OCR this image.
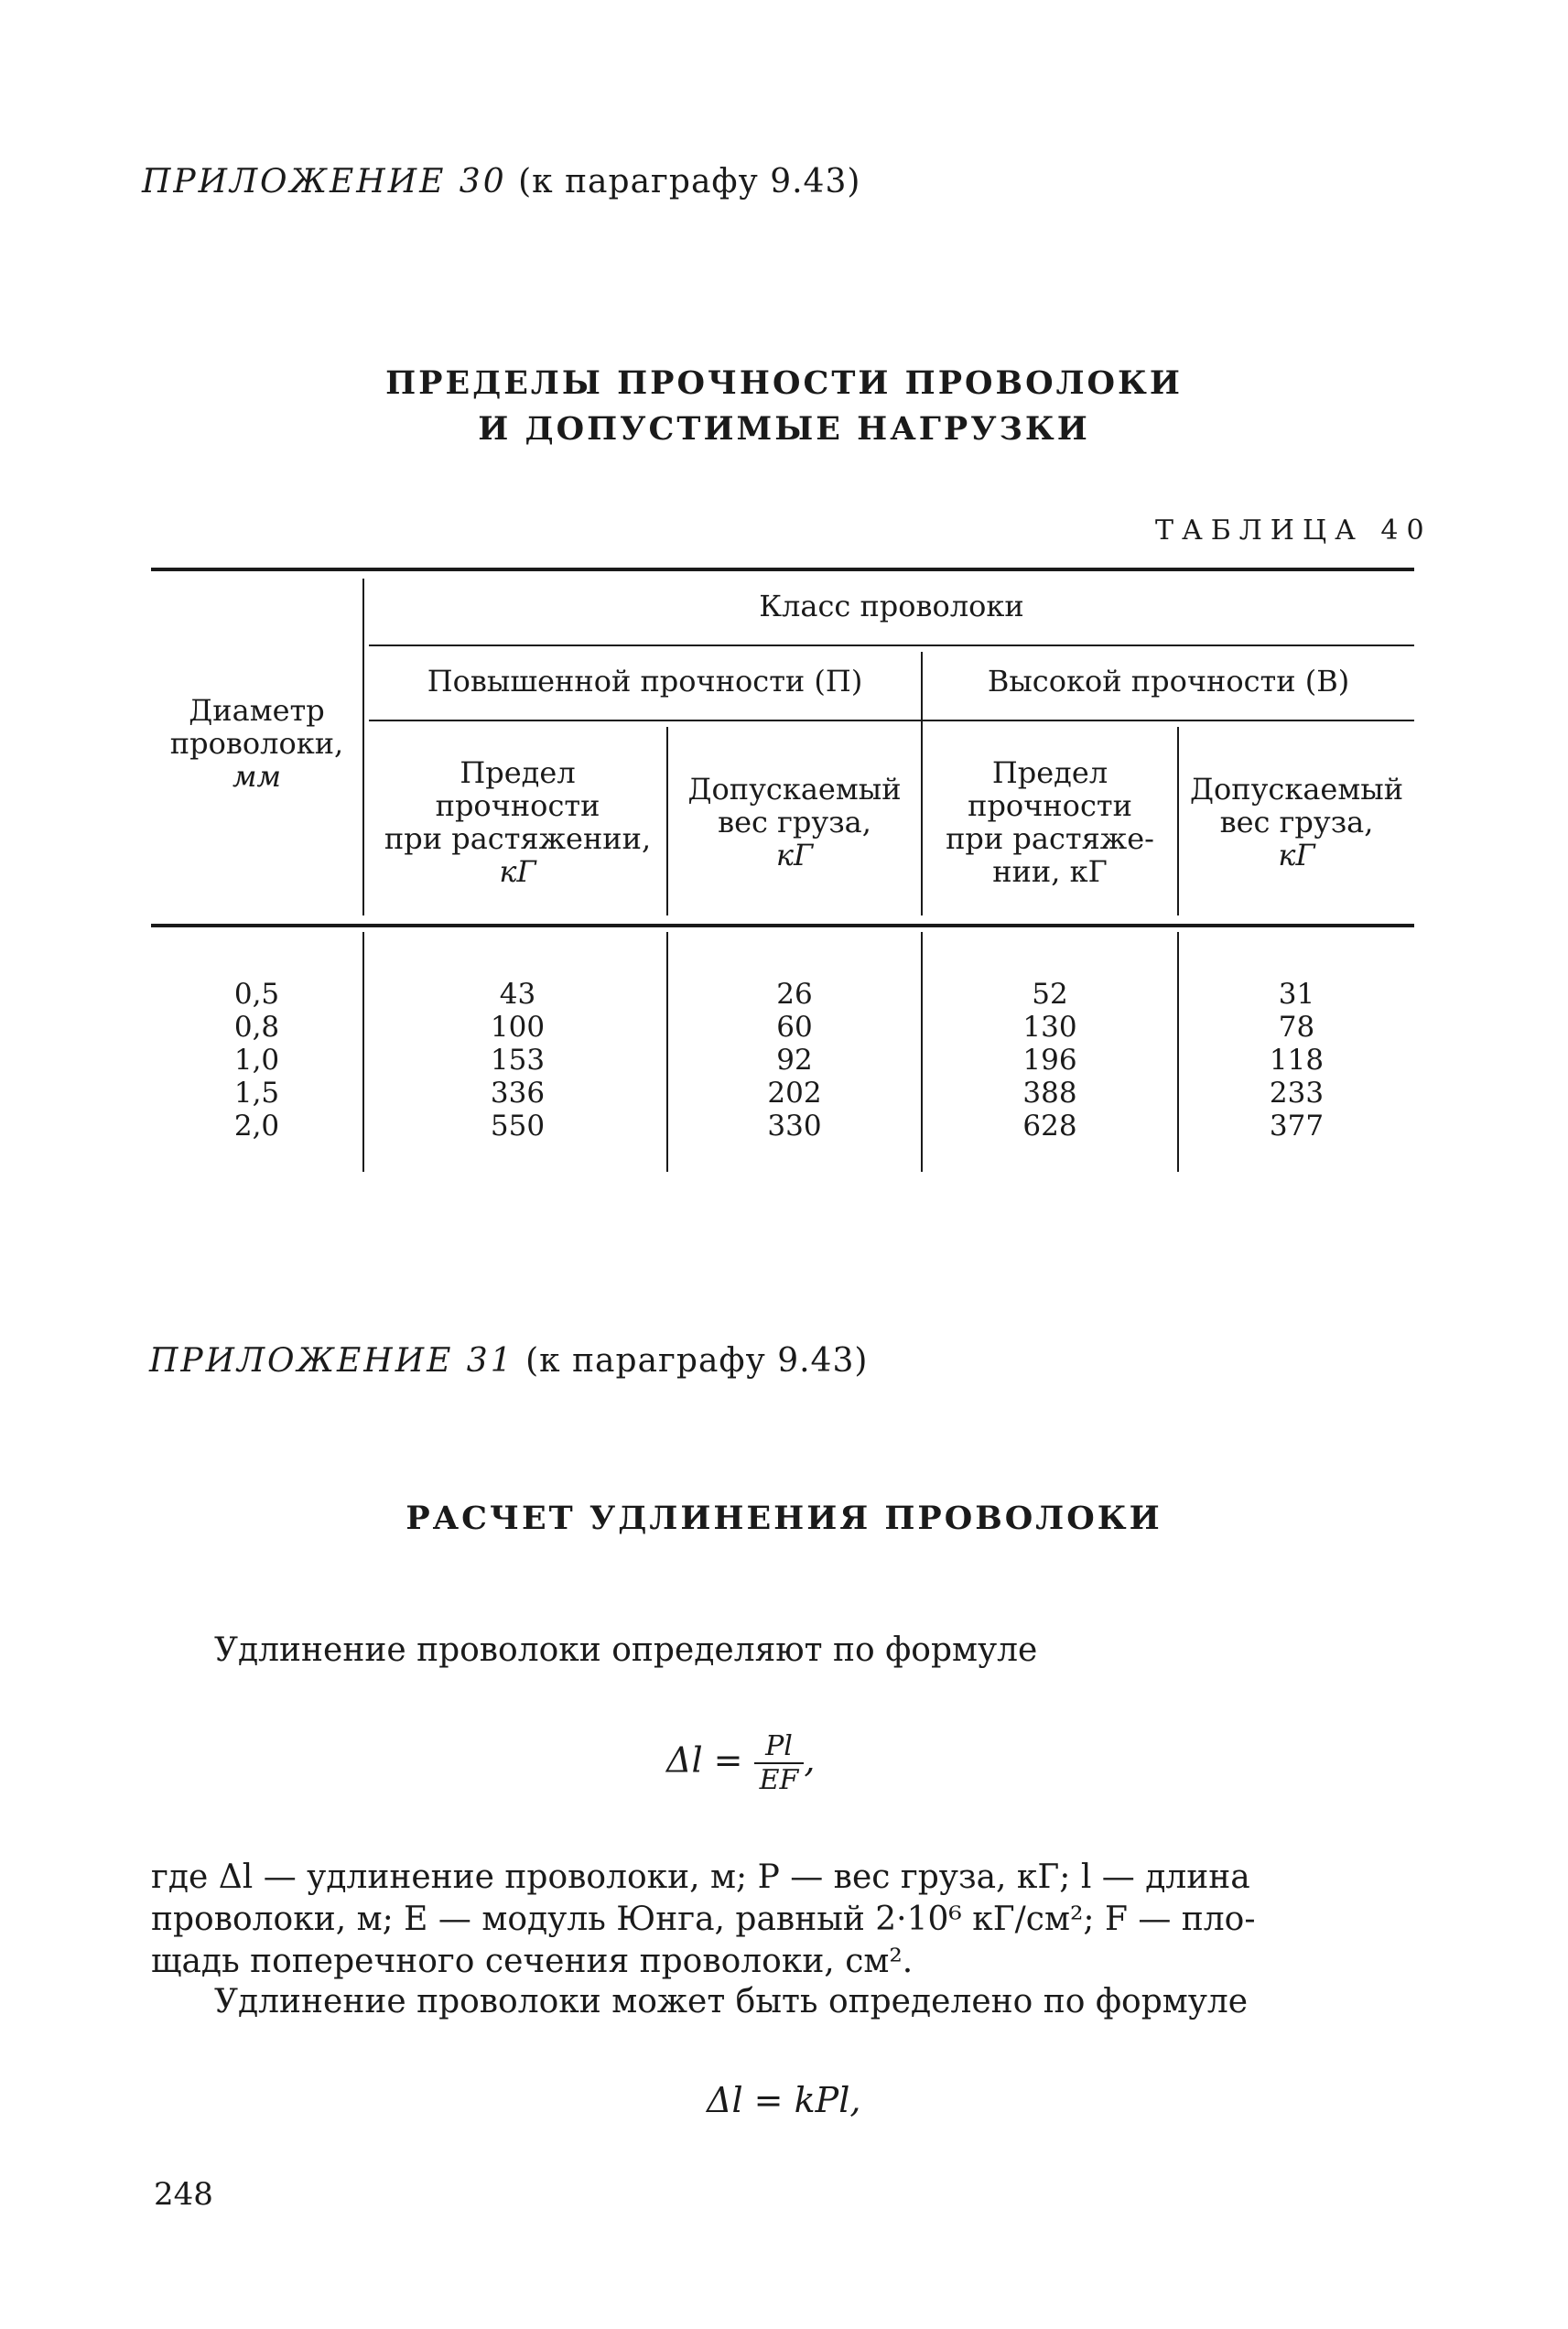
ПРИЛОЖЕНИЕ 30 (к параграфу 9.43)
ПРЕДЕЛЫ ПРОЧНОСТИ ПРОВОЛОКИ
И ДОПУСТИМЫЕ НАГРУЗКИ
ТАБЛИЦА 40
Диаметр
проволоки,
мм
Класс проволоки
Повышенной прочности (П)	Высокой прочности (В)
Предел
прочности
при растяжении,
кГ
Допускаемый
вес груза,
кГ
Предел
прочности
при растяже-
нии, кГ
Допускаемый
вес груза,
кГ
0,5
0,8
1,0
1,5
2,0
43
100
153
336
550
26
60
92
202
330
52
130
196
388
628
31
78
118
233
377
ПРИЛОЖЕНИЕ 31 (к параграфу 9.43)
РАСЧЕТ УДЛИНЕНИЯ ПРОВОЛОКИ
Удлинение проволоки определяют по формуле
$\Delta l = \frac{Pl}{EF}$ ,
где Δl — удлинение проволоки, м; P — вес груза, кГ; l — длина
проволоки, м; E — модуль Юнга, равный 2·10⁶ кГ/см²; F — пло-
щадь поперечного сечения проволоки, см².
Удлинение проволоки может быть определено по формуле
Δl = kPl,
248
